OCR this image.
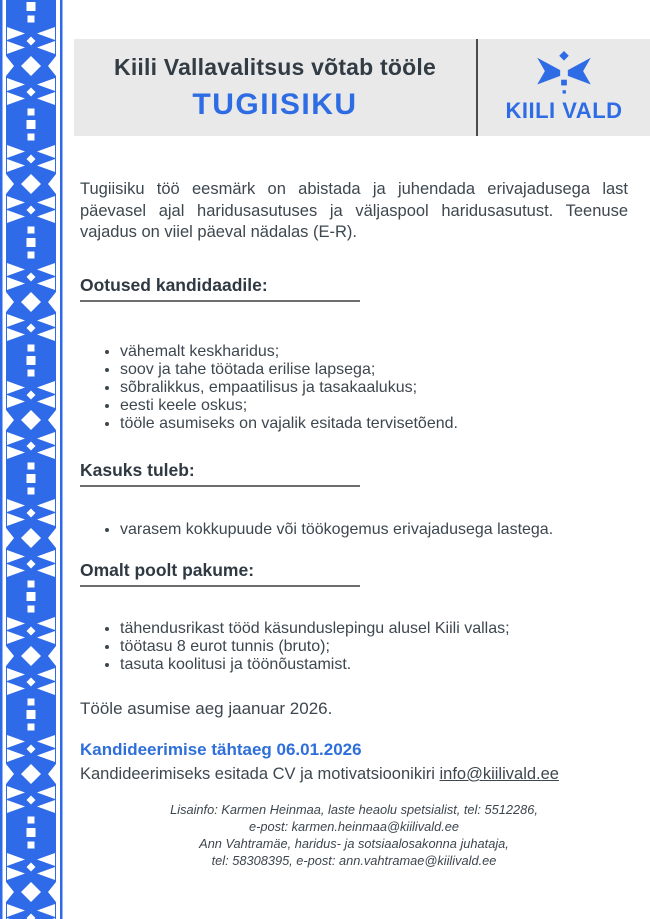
Kiili Vallavalitsus võtab tööle
TUGIISIKU	KIILI VALD
Tugiisiku töö eesmärk on abistada ja juhendada erivajadusega last päevasel ajal haridusasutuses ja väljaspool haridusasutust. Teenuse vajadus on viiel päeval nädalas (E-R).
Ootused kandidaadile:
• vähemalt keskharidus;
• soov ja tahe töötada erilise lapsega;
• sõbralikkus, empaatilisus ja tasakaalukus;
• eesti keele oskus;
• tööle asumiseks on vajalik esitada tervisetõend.
Kasuks tuleb:
• varasem kokkupuude või töökogemus erivajadusega lastega.
Omalt poolt pakume:
• tähendusrikast tööd käsunduslepingu alusel Kiili vallas;
• töötasu 8 eurot tunnis (bruto);
• tasuta koolitusi ja töönõustamist.
Tööle asumise aeg jaanuar 2026.
Kandideerimise tähtaeg 06.01.2026
Kandideerimiseks esitada CV ja motivatsioonikiri info@kiilivald.ee
Lisainfo: Karmen Heinmaa, laste heaolu spetsialist, tel: 5512286,
e-post: karmen.heinmaa@kiilivald.ee
Ann Vahtramäe, haridus- ja sotsiaalosakonna juhataja,
tel: 58308395, e-post: ann.vahtramae@kiilivald.ee
